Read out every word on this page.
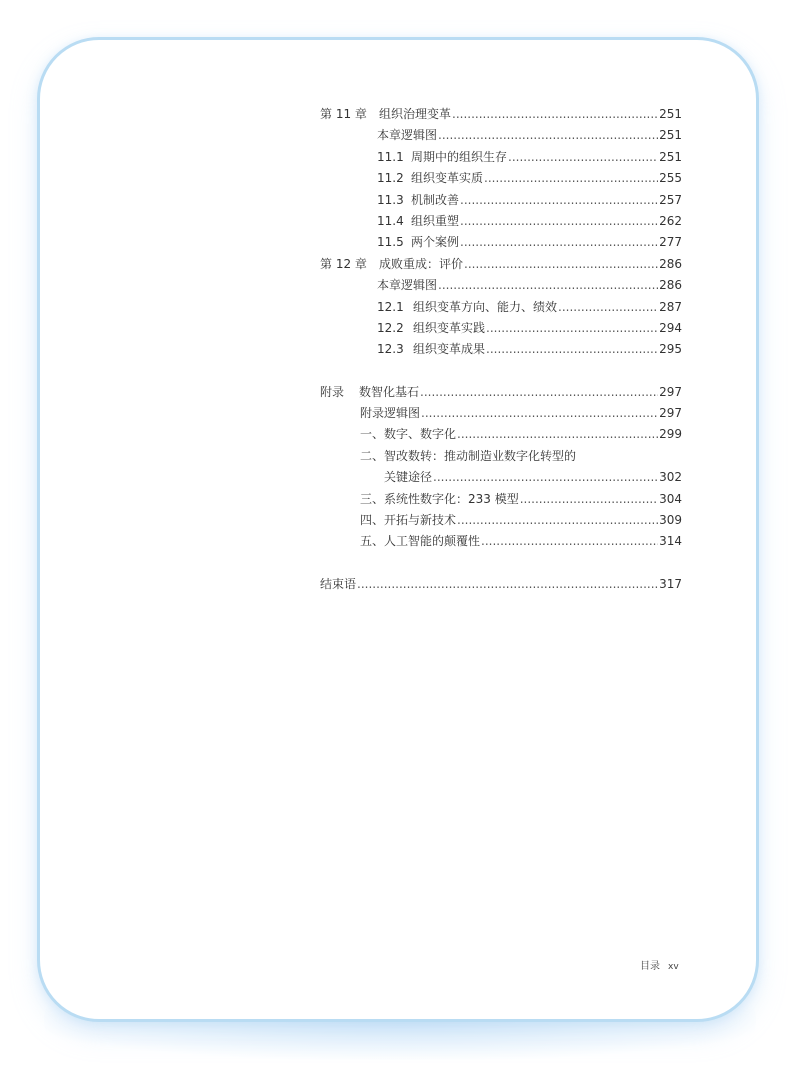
第 11 章	组织治理变革 .....	251
本章逻辑图 .....	251
11.1 周期中的组织生存 .....	251
11.2 组织变革实质 .....	255
11.3 机制改善 .....	257
11.4 组织重塑 .....	262
11.5 两个案例 .....	277
第 12 章	成败重成：评价 .....	286
本章逻辑图 .....	286
12.1 组织变革方向、能力、绩效 .....	287
12.2 组织变革实践 .....	294
12.3 组织变革成果 .....	295
附录	数智化基石 .....	297
附录逻辑图 .....	297
一、数字、数字化 .....	299
二、智改数转：推动制造业数字化转型的
关键途径 .....	302
三、系统性数字化：233 模型 .....	304
四、开拓与新技术 .....	309
五、人工智能的颠覆性 .....	314
结束语 .....	317
目录 xv
